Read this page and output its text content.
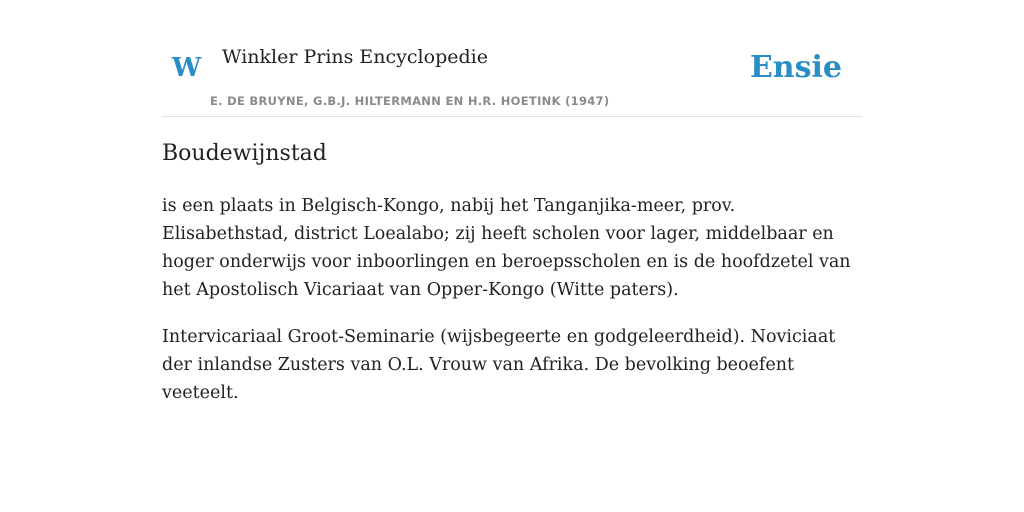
W Winkler Prins Encyclopedie
E. DE BRUYNE, G.B.J. HILTERMANN EN H.R. HOETINK (1947)
Ensie
Boudewijnstad

is een plaats in Belgisch-Kongo, nabij het Tanganjika-meer, prov. Elisabethstad, district Loealabo; zij heeft scholen voor lager, middelbaar en hoger onderwijs voor inboorlingen en beroepsscholen en is de hoofdzetel van het Apostolisch Vicariaat van Opper-Kongo (Witte paters).

Intervicariaal Groot-Seminarie (wijsbegeerte en godgeleerdheid). Noviciaat der inlandse Zusters van O.L. Vrouw van Afrika. De bevolking beoefent veeteelt.
